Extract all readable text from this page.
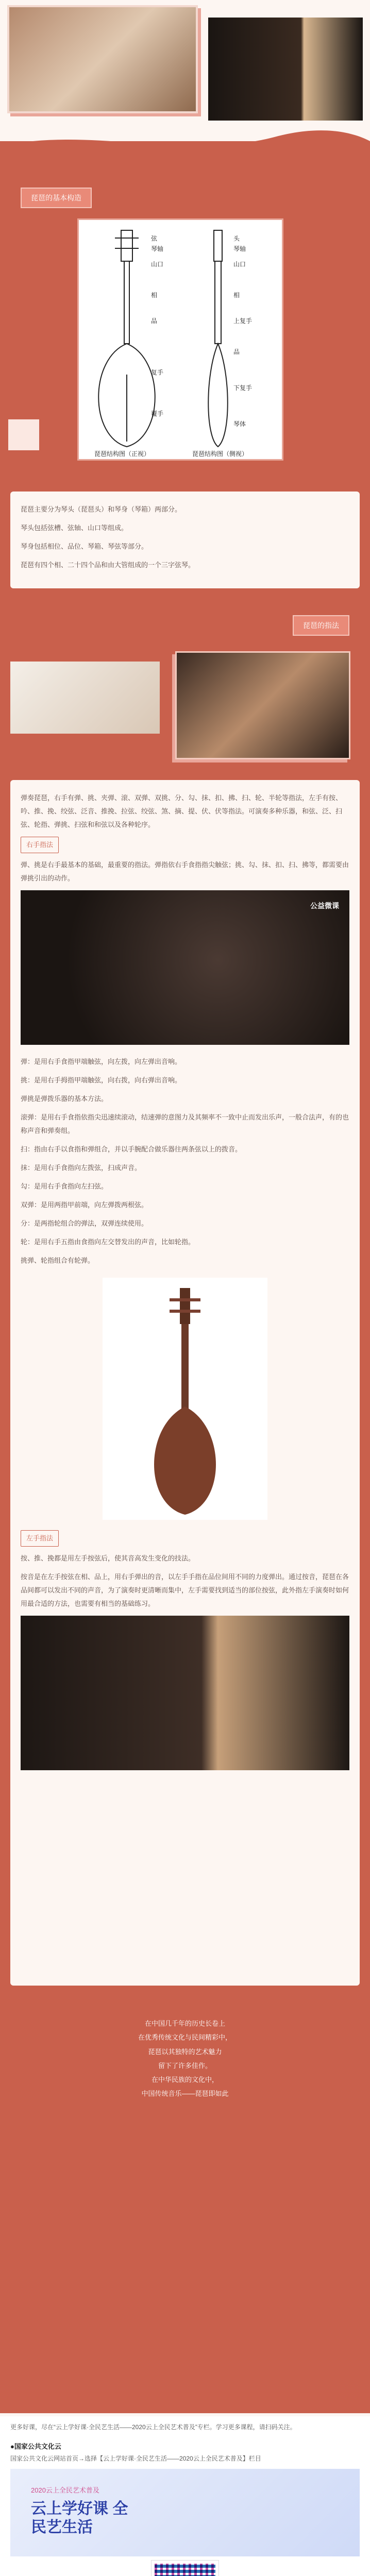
琵琶的基本构造
弦
琴轴
山口
相
品
复手
覆手
头
琴轴
山口
相
上复手
品
下复手
琴体
琵琶结构图（正视）	琵琶结构图（侧视）

琵琶主要分为琴头（琵琶头）和琴身（琴箱）两部分。

琴头包括弦槽、弦轴、山口等组成。

琴身包括相位、品位、琴箱、琴弦等部分。

琵琶有四个相、二十四个品和由大管组成的一个三字弦琴。

琵琶的指法

弹奏琵琶，右手有弹、挑、夹弹、滚、双弹、双挑、分、勾、抹、扣、拂、扫、轮、半轮等指法，左手有按、吟、推、挽、绞弦、泛音、推挽、拉弦、绞弦、煞、摘、提、伏、伏等指法。可演奏多种乐器，和弦、泛、扫弦、轮指、弹挑、扫弦和和弦以及各种轮序。

右手指法

弹、挑是右手最基本的基础，最重要的指法。弹指依右手食指指尖触弦；挑、勾、抹、扣、扫、拂等，都需要由弹挑引出的动作。

公益微课

弹：是用右手食指甲端触弦，向左拨，向左弹出音响。

挑：是用右手拇指甲端触弦，向右拨，向右弹出音响。

弹挑是弹拨乐器的基本方法。

滚弹：是用右手食指依指尖迅速续滚动，结速弹的意图力及其频率不一致中止而发出乐声，一般合法声，有的也称声音和弹奏组。

扫：指由右手以食指和弹组合，并以手腕配合做乐器往两条弦以上的拨音。

抹：是用右手食指向左拨弦，扫成声音。

勾：是用右手食指向左扫弦。

双弹：是用两指甲前端，向左弹拨两根弦。

分：是两指轮组合的弹法，双弹连续使用。

轮：是用右手五指由食指向左交替发出的声音，比如轮指。

挑弹、轮指组合有轮弹。

左手指法

按、推、挽都是用左手按弦后，使其音高发生变化的技法。

按音是在左手按弦在相、品上，用右手弹出的音，以左手手指在品位间用不同的力度弹出。通过按音，琵琶在各品间都可以发出不同的声音，为了演奏时更清晰而集中，左手需要找到适当的部位按弦，此外指左手演奏时如何用最合适的方法，也需要有相当的基础练习。

在中国几千年的历史长卷上
在优秀传统文化与民间精彩中，
琵琶以其独特的艺术魅力
留下了许多佳作。
在中华民族的文化中，
中国传统音乐——琵琶即如此

更多好课，尽在“云上学好课·全民艺生活——2020云上全民艺术普及”专栏。学习更多课程，请扫码关注。

●国家公共文化云

国家公共文化云网站首页→选择【云上学好课·全民艺生活——2020云上全民艺术普及】栏目

2020云上全民艺术普及
云上学好课 全民艺生活
